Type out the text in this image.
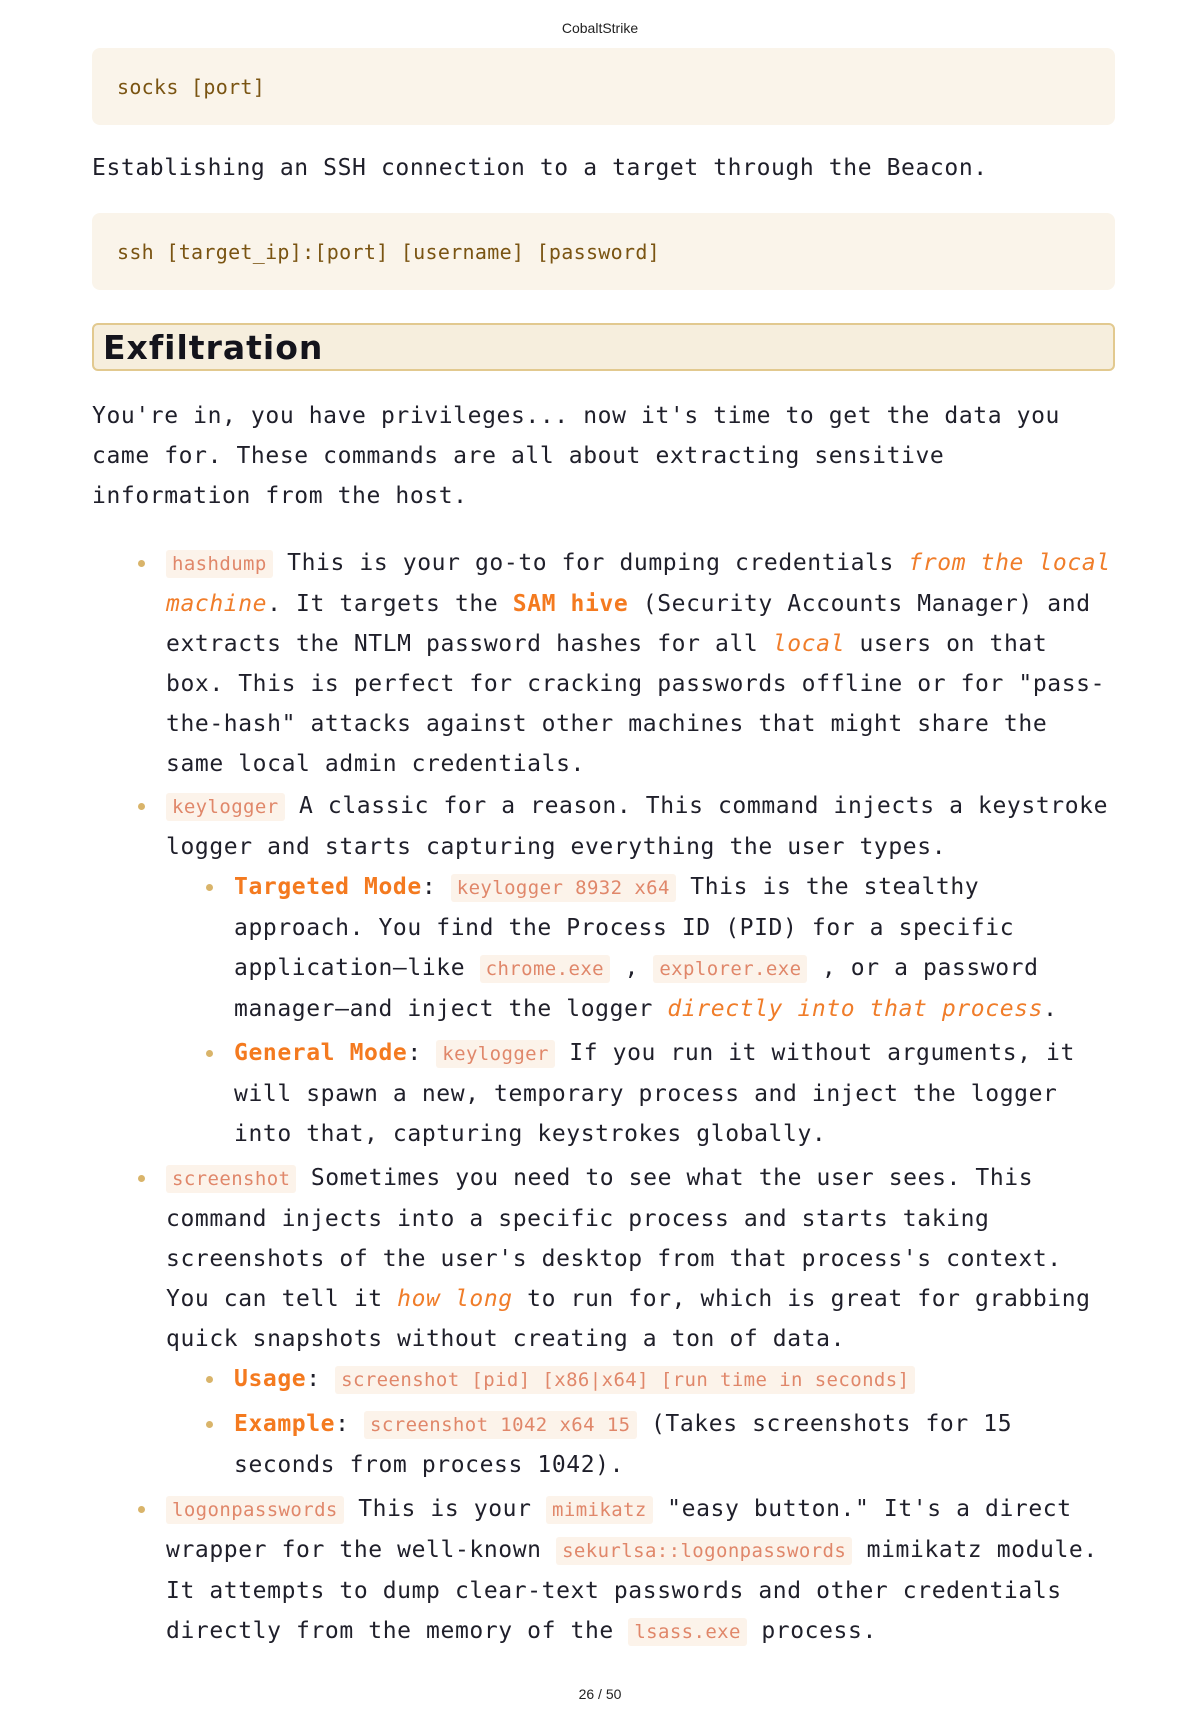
CobaltStrike
socks [port]

Establishing an SSH connection to a target through the Beacon.

ssh [target_ip]:[port] [username] [password]
Exfiltration

You're in, you have privileges... now it's time to get the data you came for. These commands are all about extracting sensitive information from the host.

hashdump This is your go-to for dumping credentials from the local machine. It targets the SAM hive (Security Accounts Manager) and extracts the NTLM password hashes for all local users on that box. This is perfect for cracking passwords offline or for "pass-the-hash" attacks against other machines that might share the same local admin credentials.
keylogger A classic for a reason. This command injects a keystroke logger and starts capturing everything the user types.
Targeted Mode: keylogger 8932 x64 This is the stealthy approach. You find the Process ID (PID) for a specific application—like chrome.exe , explorer.exe , or a password manager—and inject the logger directly into that process.
General Mode: keylogger If you run it without arguments, it will spawn a new, temporary process and inject the logger into that, capturing keystrokes globally.
screenshot Sometimes you need to see what the user sees. This command injects into a specific process and starts taking screenshots of the user's desktop from that process's context. You can tell it how long to run for, which is great for grabbing quick snapshots without creating a ton of data.
Usage: screenshot [pid] [x86|x64] [run time in seconds]
Example: screenshot 1042 x64 15 (Takes screenshots for 15 seconds from process 1042).
logonpasswords This is your mimikatz "easy button." It's a direct wrapper for the well-known sekurlsa::logonpasswords mimikatz module. It attempts to dump clear-text passwords and other credentials directly from the memory of the lsass.exe process.
26 / 50
